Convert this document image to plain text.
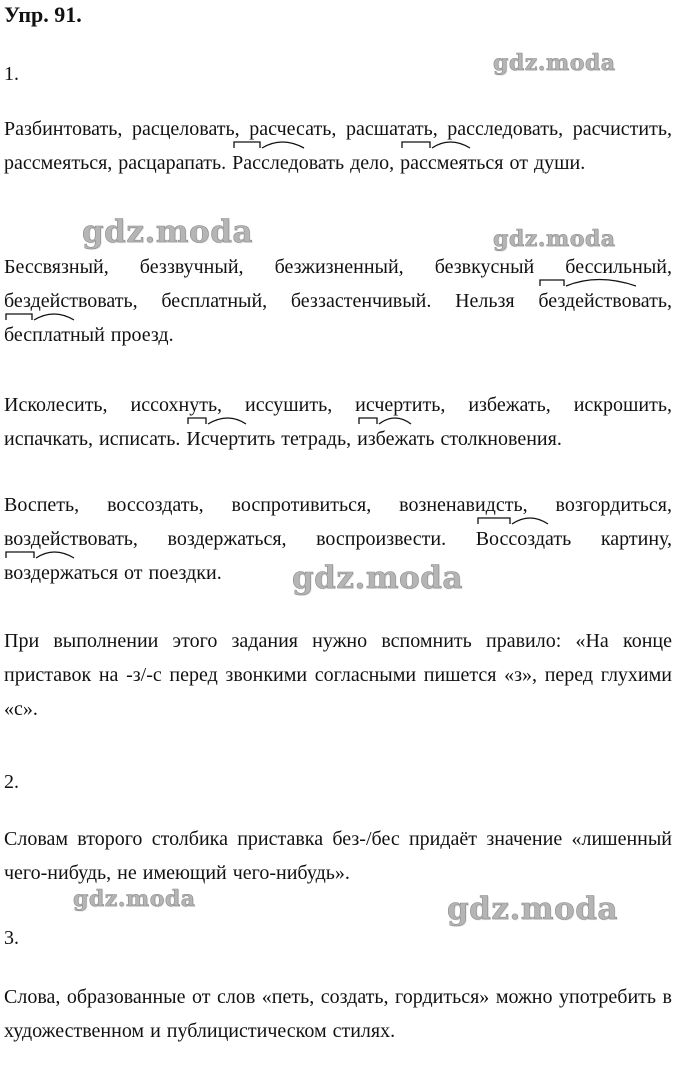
Упр. 91.
gdz.moda
gdz.moda	gdz.moda
gdz.moda
gdz.moda	gdz.moda
1.

Разбинтовать, расцеловать, расчесать, расшатать, расследовать, расчистить, рассмеяться, расцарапать. Расследовать дело, рассмеяться от души.

Бессвязный, беззвучный, безжизненный, безвкусный бессильный, бездействовать, бесплатный, беззастенчивый. Нельзя бездействовать,
бесплатный проезд.

Исколесить, иссохнуть, иссушить, исчертить, избежать, искрошить, испачкать, исписать. Исчертить тетрадь, избежать столкновения.

Воспеть, воссоздать, воспротивиться, возненавидсть, возгордиться, воздействовать, воздержаться, воспроизвести. Воссоздать картину,
воздержаться от поездки.

При выполнении этого задания нужно вспомнить правило: «На конце приставок на -з/-с перед звонкими согласными пишется «з», перед глухими «с».

2.

Словам второго столбика приставка без-/бес придаёт значение «лишенный чего-нибудь, не имеющий чего-нибудь».

3.

Слова, образованные от слов «петь, создать, гордиться» можно употребить в художественном и публицистическом стилях.
